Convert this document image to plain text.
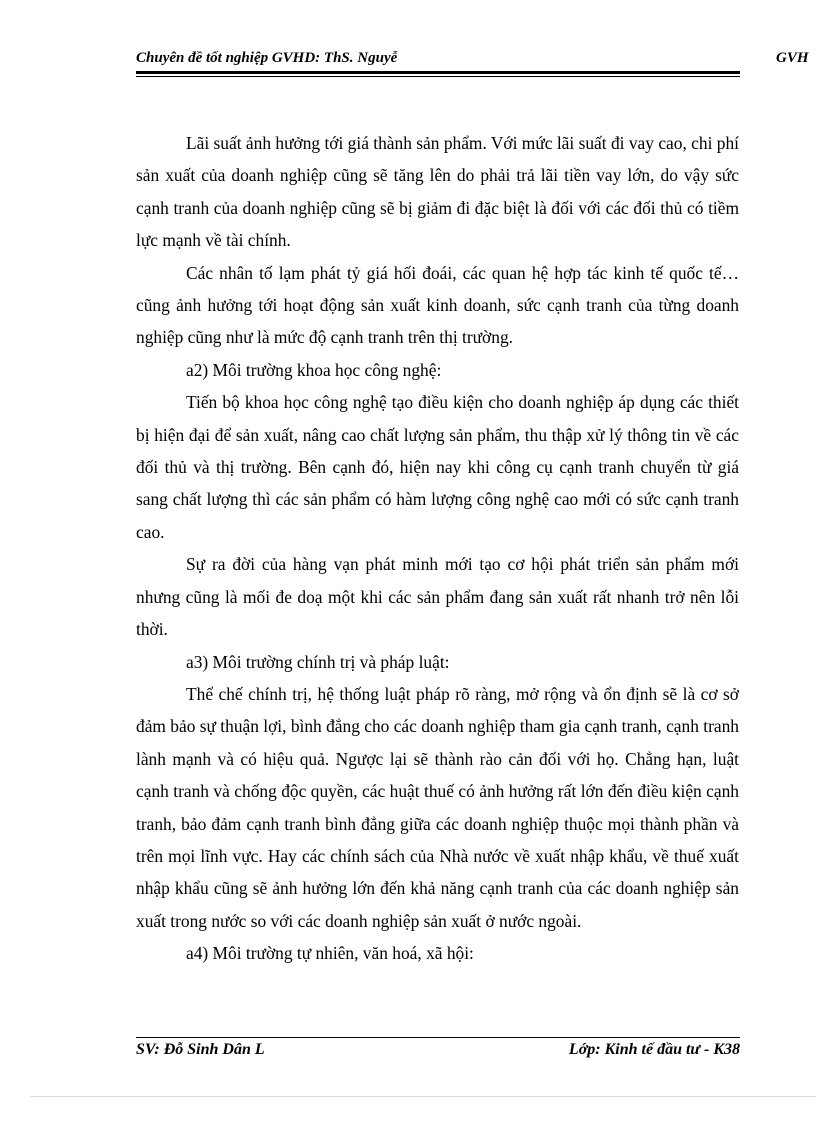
Chuyên đề tốt nghiệp GVHD: ThS. Nguyễ	GVH

Lãi suất ảnh hưởng tới giá thành sản phẩm. Với mức lãi suất đi vay cao, chi phí sản xuất của doanh nghiệp cũng sẽ tăng lên do phải trả lãi tiền vay lớn, do vậy sức cạnh tranh của doanh nghiệp cũng sẽ bị giảm đi đặc biệt là đối với các đối thủ có tiềm lực mạnh về tài chính.

Các nhân tố lạm phát tỷ giá hối đoái, các quan hệ hợp tác kinh tế quốc tế… cũng ảnh hưởng tới hoạt động sản xuất kinh doanh, sức cạnh tranh của từng doanh nghiệp cũng như là mức độ cạnh tranh trên thị trường.

a2) Môi trường khoa học công nghệ:

Tiến bộ khoa học công nghệ tạo điều kiện cho doanh nghiệp áp dụng các thiết bị hiện đại để sản xuất, nâng cao chất lượng sản phẩm, thu thập xử lý thông tin về các đối thủ và thị trường. Bên cạnh đó, hiện nay khi công cụ cạnh tranh chuyển từ giá sang chất lượng thì các sản phẩm có hàm lượng công nghệ cao mới có sức cạnh tranh cao.

Sự ra đời của hàng vạn phát minh mới tạo cơ hội phát triển sản phẩm mới nhưng cũng là mối đe doạ một khi các sản phẩm đang sản xuất rất nhanh trở nên lỗi thời.

a3) Môi trường chính trị và pháp luật:

Thể chế chính trị, hệ thống luật pháp rõ ràng, mở rộng và ổn định sẽ là cơ sở đảm bảo sự thuận lợi, bình đẳng cho các doanh nghiệp tham gia cạnh tranh, cạnh tranh lành mạnh và có hiệu quả. Ngược lại sẽ thành rào cản đối với họ. Chẳng hạn, luật cạnh tranh và chống độc quyền, các huật thuế có ảnh hưởng rất lớn đến điều kiện cạnh tranh, bảo đảm cạnh tranh bình đẳng giữa các doanh nghiệp thuộc mọi thành phần và trên mọi lĩnh vực. Hay các chính sách của Nhà nước về xuất nhập khẩu, về thuế xuất nhập khẩu cũng sẽ ảnh hưởng lớn đến khả năng cạnh tranh của các doanh nghiệp sản xuất trong nước so với các doanh nghiệp sản xuất ở nước ngoài.

a4) Môi trường tự nhiên, văn hoá, xã hội:

SV: Đỗ Sinh Dân L	Lớp: Kinh tế đầu tư - K38
